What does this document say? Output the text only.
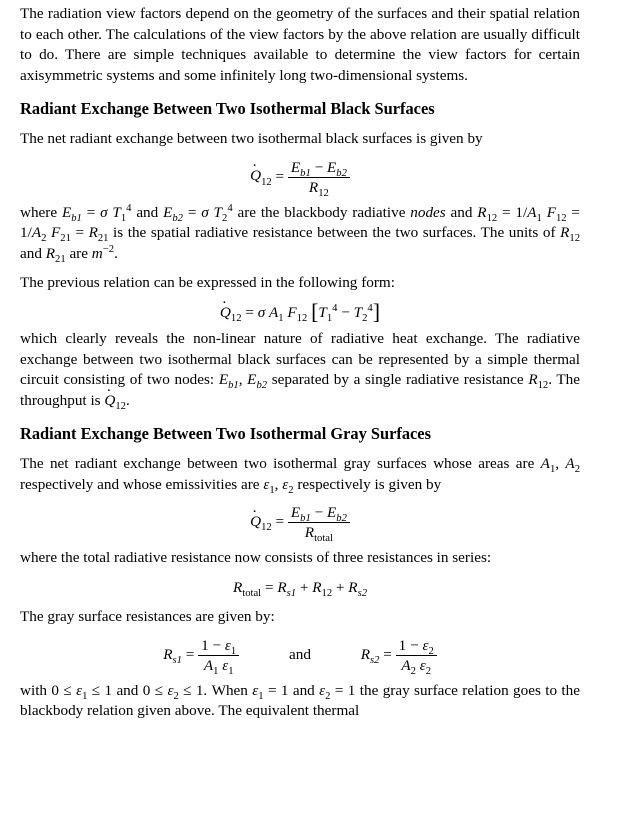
The radiation view factors depend on the geometry of the surfaces and their spatial relation to each other. The calculations of the view factors by the above relation are usually difficult to do. There are simple techniques available to determine the view factors for certain axisymmetric systems and some infinitely long two-dimensional systems.

Radiant Exchange Between Two Isothermal Black Surfaces

The net radiant exchange between two isothermal black surfaces is given by

· $Q_{12} = \frac{E_{b1} - E_{b2}}{R_{12}}$

where $E_{b1} = \sigma$ $T_1^4$ and $E_{b2} = \sigma$ $T_2^4$ are the blackbody radiative nodes and $R_{12} = 1/A_1$ $F_{12} = 1/A_2$ $F_{21} = R_{21}$ is the spatial radiative resistance between the two surfaces. The units of $R_{12}$ and $R_{21}$ are $m^{-2}$.

The previous relation can be expressed in the following form:

· $Q_{12} = \sigma$ $A_1$ $F_{12}$ $[T_1^4 - T_2^4]$

which clearly reveals the non-linear nature of radiative heat exchange. The radiative exchange between two isothermal black surfaces can be represented by a simple thermal circuit consisting of two nodes: $E_{b1}$, $E_{b2}$ separated by a single radiative resistance $R_{12}$. The throughput is · $Q_{12}$.

Radiant Exchange Between Two Isothermal Gray Surfaces

The net radiant exchange between two isothermal gray surfaces whose areas are $A_1$, $A_2$ respectively and whose emissivities are $\varepsilon_1$, $\varepsilon_2$ respectively is given by

· $Q_{12} = \frac{E_{b1} - E_{b2}}{R_{total}}$

where the total radiative resistance now consists of three resistances in series:

$R_{total} = R_{s1} + R_{12} + R_{s2}$

The gray surface resistances are given by:

$R_{s1} = \frac{1 - \varepsilon_1}{A_1 \varepsilon_1}$	and	$R_{s2} = \frac{1 - \varepsilon_2}{A_2 \varepsilon_2}$

with $0 \le \varepsilon_1 \le 1$ and $0 \le \varepsilon_2 \le 1$. When $\varepsilon_1 = 1$ and $\varepsilon_2 = 1$ the gray surface relation goes to the blackbody relation given above. The equivalent thermal
